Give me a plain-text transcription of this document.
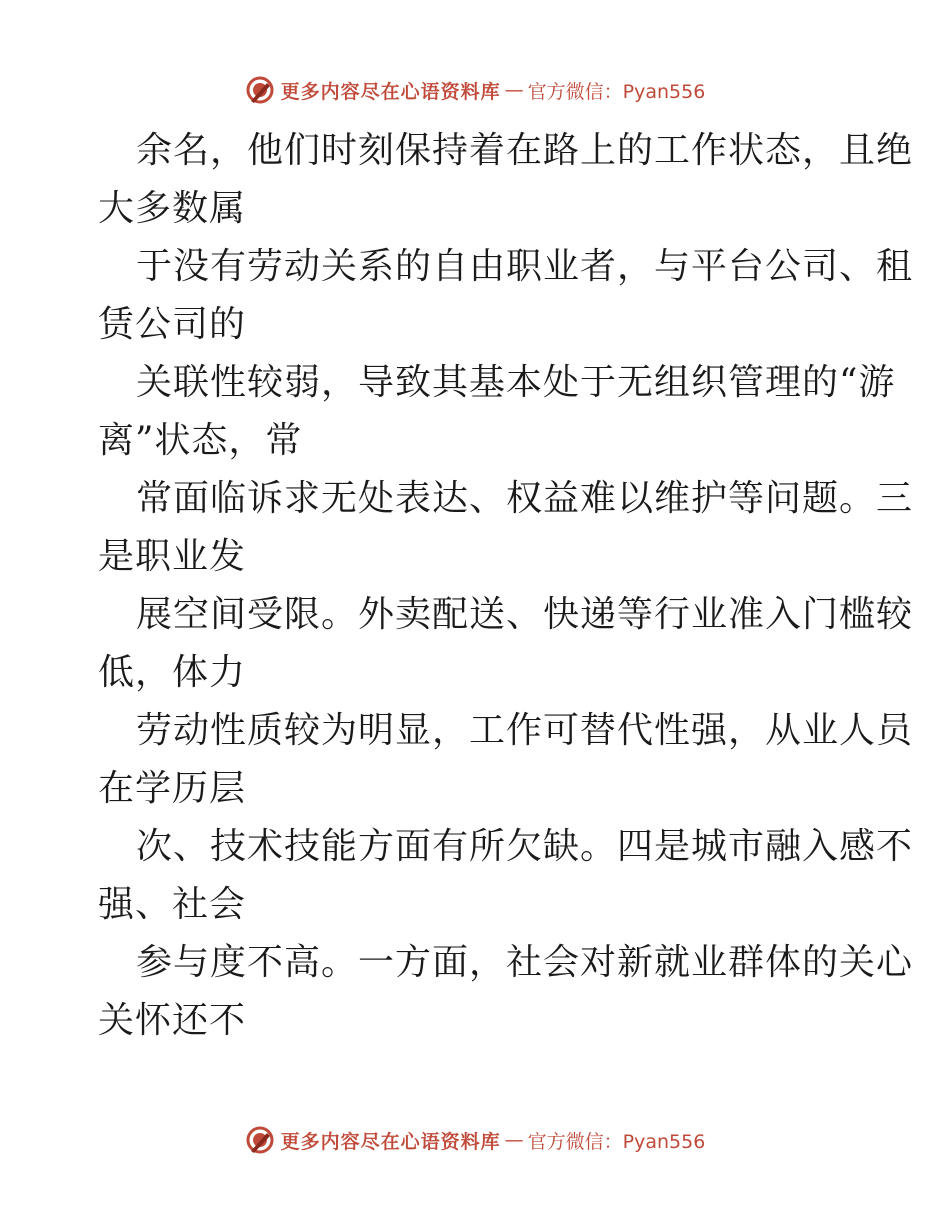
更多内容尽在心语资料库 — 官方微信：Pyan556
余名，他们时刻保持着在路上的工作状态，且绝
大多数属
于没有劳动关系的自由职业者，与平台公司、租
赁公司的
关联性较弱，导致其基本处于无组织管理的“游
离”状态，常
常面临诉求无处表达、权益难以维护等问题。三
是职业发
展空间受限。外卖配送、快递等行业准入门槛较
低，体力
劳动性质较为明显，工作可替代性强，从业人员
在学历层
次、技术技能方面有所欠缺。四是城市融入感不
强、社会
参与度不高。一方面，社会对新就业群体的关心
关怀还不
更多内容尽在心语资料库 — 官方微信：Pyan556
